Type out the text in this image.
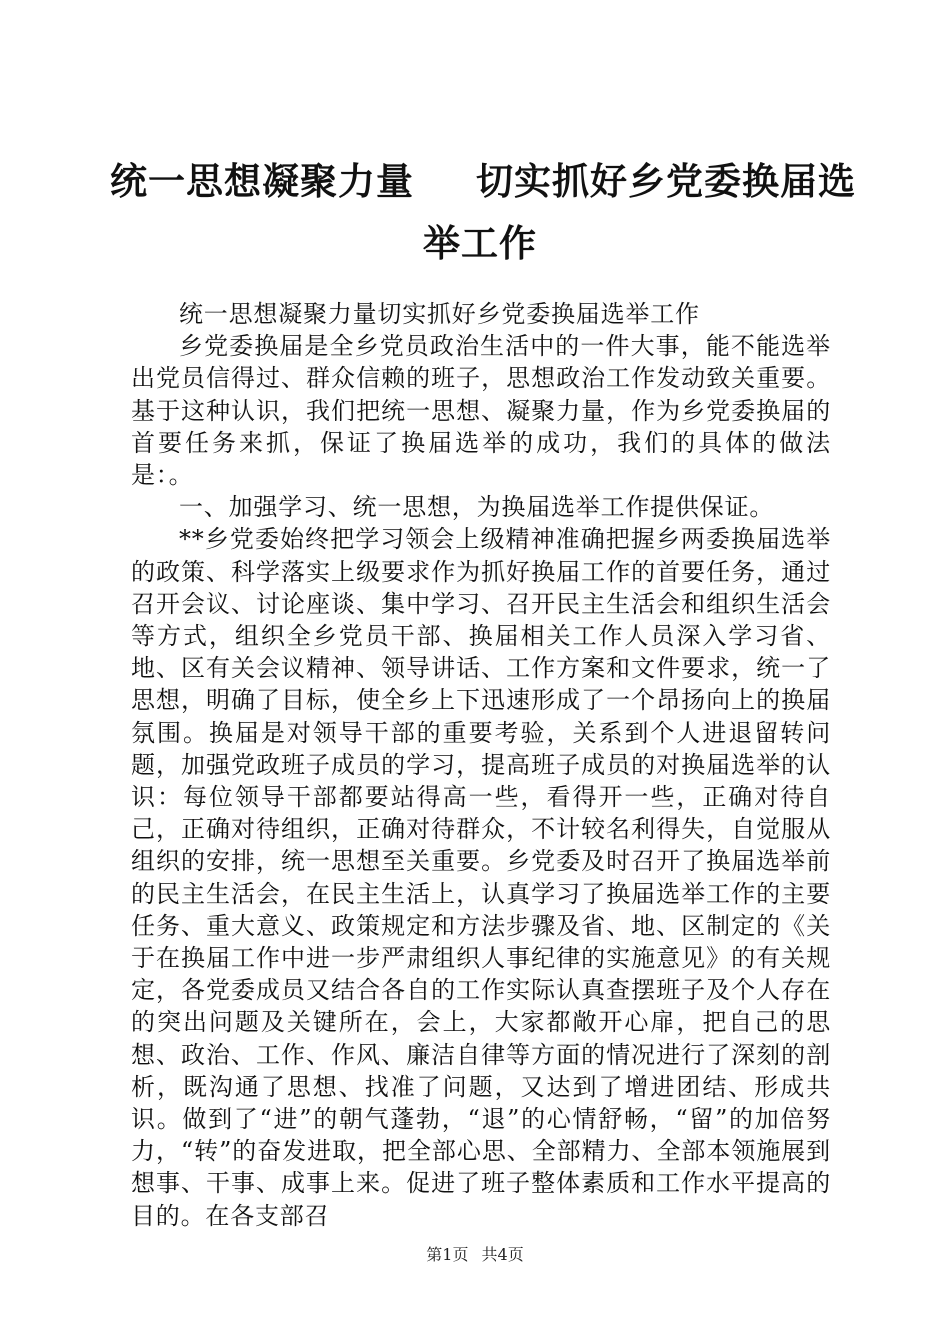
统一思想凝聚力量 切实抓好乡党委换届选
举工作

统一思想凝聚力量切实抓好乡党委换届选举工作

乡党委换届是全乡党员政治生活中的一件大事，能不能选举出党员信得过、群众信赖的班子，思想政治工作发动致关重要。基于这种认识，我们把统一思想、凝聚力量，作为乡党委换届的首要任务来抓，保证了换届选举的成功，我们的具体的做法是：。

一、加强学习、统一思想，为换届选举工作提供保证。

**乡党委始终把学习领会上级精神准确把握乡两委换届选举的政策、科学落实上级要求作为抓好换届工作的首要任务，通过召开会议、讨论座谈、集中学习、召开民主生活会和组织生活会等方式，组织全乡党员干部、换届相关工作人员深入学习省、地、区有关会议精神、领导讲话、工作方案和文件要求，统一了思想，明确了目标，使全乡上下迅速形成了一个昂扬向上的换届氛围。换届是对领导干部的重要考验，关系到个人进退留转问题，加强党政班子成员的学习，提高班子成员的对换届选举的认识：每位领导干部都要站得高一些，看得开一些，正确对待自己，正确对待组织，正确对待群众，不计较名利得失，自觉服从组织的安排，统一思想至关重要。乡党委及时召开了换届选举前的民主生活会，在民主生活上，认真学习了换届选举工作的主要任务、重大意义、政策规定和方法步骤及省、地、区制定的《关于在换届工作中进一步严肃组织人事纪律的实施意见》的有关规定，各党委成员又结合各自的工作实际认真查摆班子及个人存在的突出问题及关键所在，会上，大家都敞开心扉，把自己的思想、政治、工作、作风、廉洁自律等方面的情况进行了深刻的剖析，既沟通了思想、找准了问题，又达到了增进团结、形成共识。做到了“进”的朝气蓬勃，“退”的心情舒畅，“留”的加倍努力，“转”的奋发进取，把全部心思、全部精力、全部本领施展到想事、干事、成事上来。促进了班子整体素质和工作水平提高的目的。在各支部召

第1页 共4页
